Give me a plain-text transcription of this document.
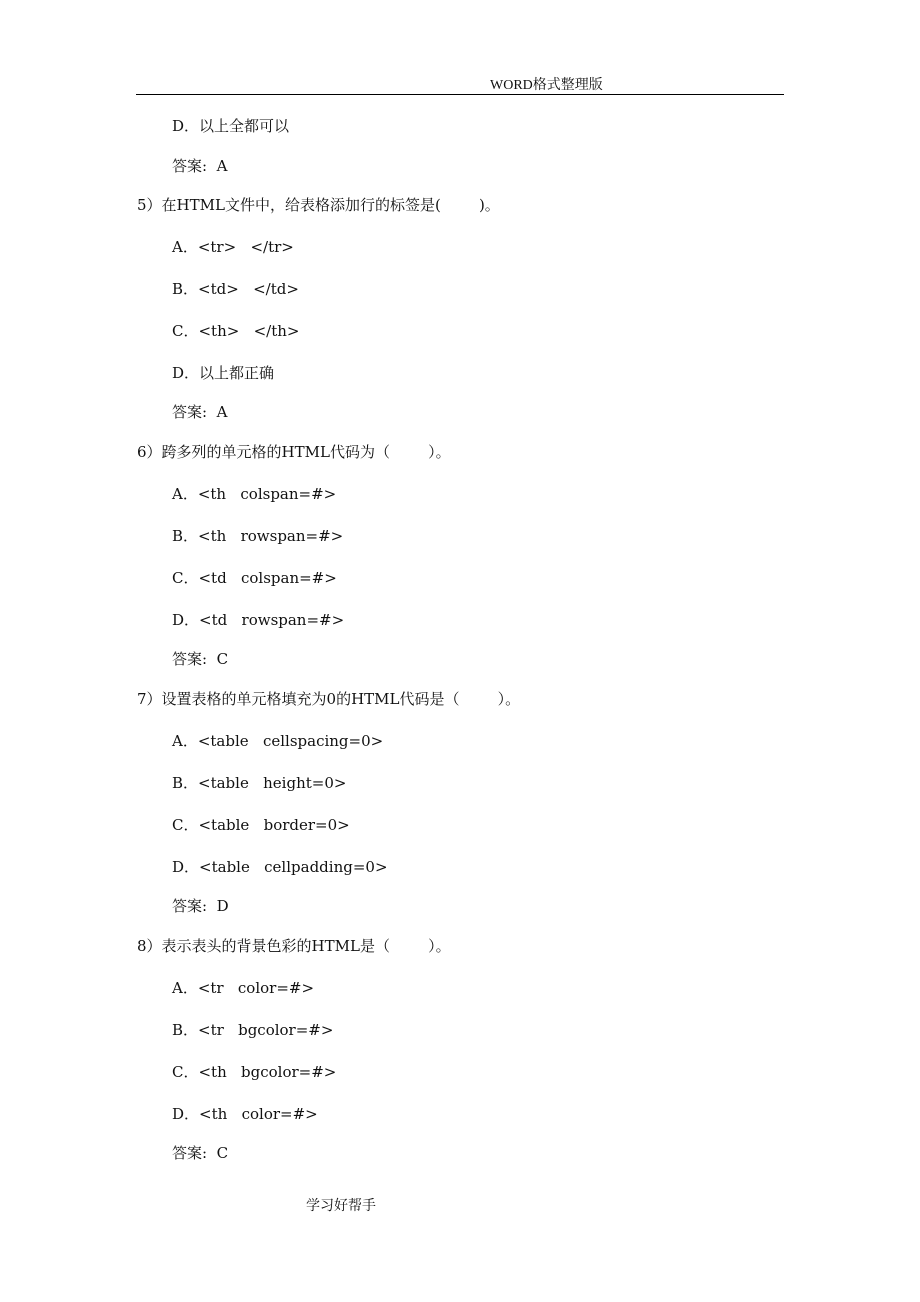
WORD格式整理版

D．以上全都可以

答案:  A

5）在HTML文件中，给表格添加行的标签是(        )。

A．<tr>   </tr>

B．<td>   </td>

C．<th>   </th>

D．以上都正确

答案:  A

6）跨多列的单元格的HTML代码为（        ）。

A．<th   colspan=#>

B．<th   rowspan=#>

C．<td   colspan=#>

D．<td   rowspan=#>

答案:  C

7）设置表格的单元格填充为0的HTML代码是（        ）。

A．<table   cellspacing=0>

B．<table   height=0>

C．<table   border=0>

D．<table   cellpadding=0>

答案:  D

8）表示表头的背景色彩的HTML是（        ）。

A．<tr   color=#>

B．<tr   bgcolor=#>

C．<th   bgcolor=#>

D．<th   color=#>

答案:  C

学习好帮手
